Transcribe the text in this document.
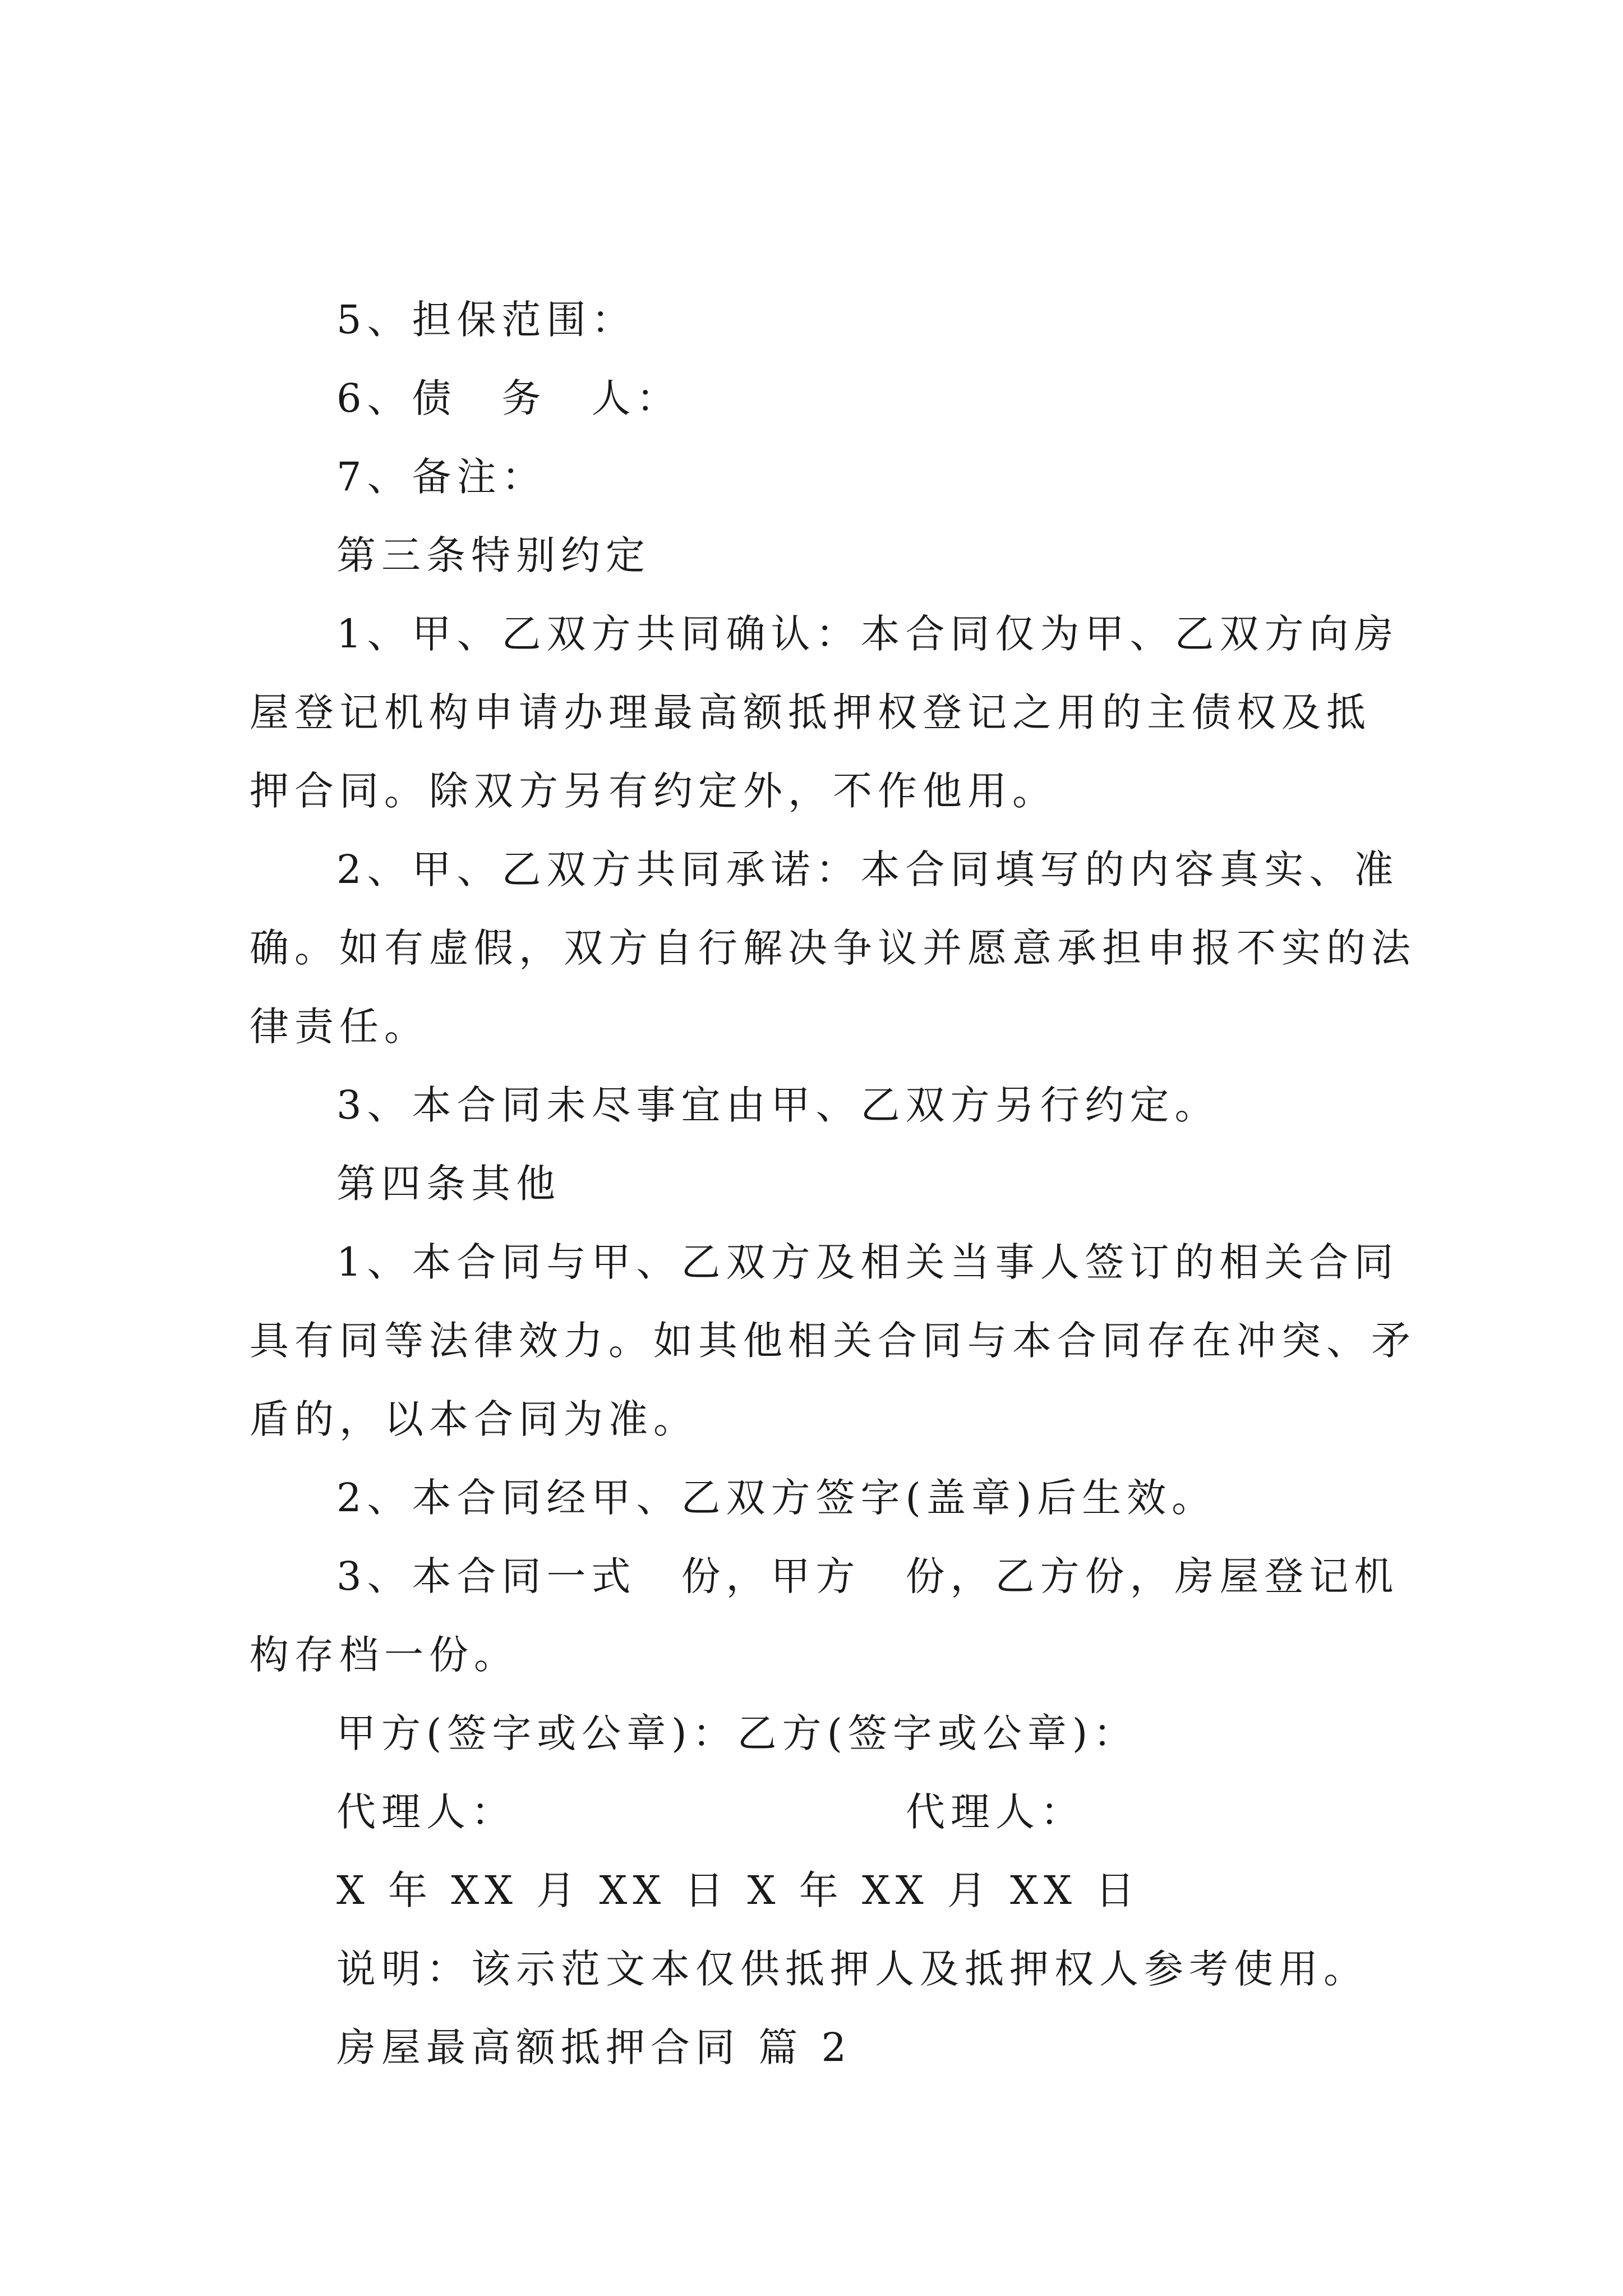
5、担保范围：
6、债　务　人：
7、备注：
第三条特别约定
1、甲、乙双方共同确认：本合同仅为甲、乙双方向房
屋登记机构申请办理最高额抵押权登记之用的主债权及抵
押合同。除双方另有约定外，不作他用。
2、甲、乙双方共同承诺：本合同填写的内容真实、准
确。如有虚假，双方自行解决争议并愿意承担申报不实的法
律责任。
3、本合同未尽事宜由甲、乙双方另行约定。
第四条其他
1、本合同与甲、乙双方及相关当事人签订的相关合同
具有同等法律效力。如其他相关合同与本合同存在冲突、矛
盾的，以本合同为准。
2、本合同经甲、乙双方签字(盖章)后生效。
3、本合同一式　份，甲方　份，乙方份，房屋登记机
构存档一份。
甲方(签字或公章)：乙方(签字或公章)：
代理人：	代理人：
X 年 XX 月 XX 日 X 年 XX 月 XX 日
说明：该示范文本仅供抵押人及抵押权人参考使用。
房屋最高额抵押合同 篇 2
